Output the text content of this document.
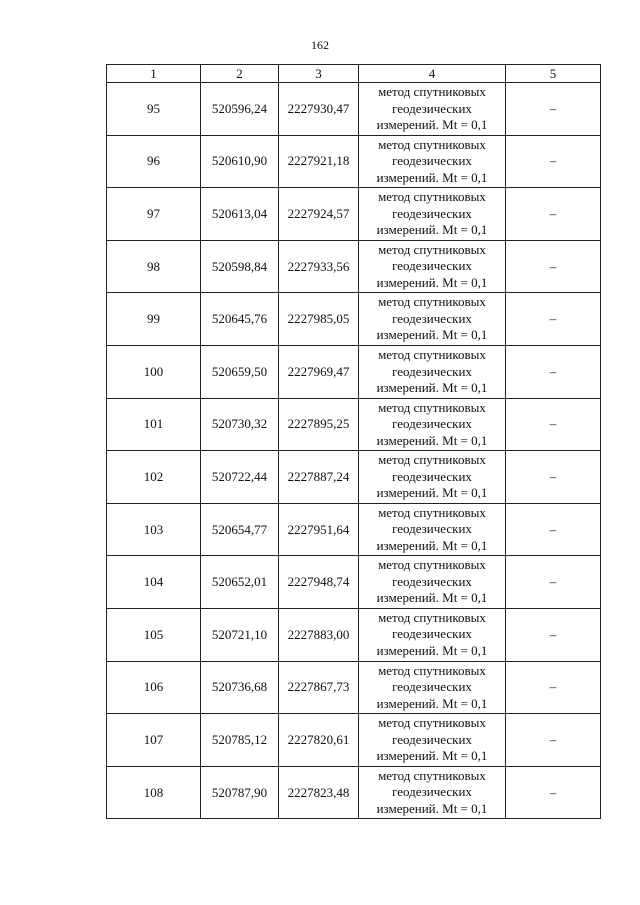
162
1	2	3	4	5
95	520596,24	2227930,47	метод спутниковых
геодезических
измерений. Mt = 0,1	–
96	520610,90	2227921,18	метод спутниковых
геодезических
измерений. Mt = 0,1	–
97	520613,04	2227924,57	метод спутниковых
геодезических
измерений. Mt = 0,1	–
98	520598,84	2227933,56	метод спутниковых
геодезических
измерений. Mt = 0,1	–
99	520645,76	2227985,05	метод спутниковых
геодезических
измерений. Mt = 0,1	–
100	520659,50	2227969,47	метод спутниковых
геодезических
измерений. Mt = 0,1	–
101	520730,32	2227895,25	метод спутниковых
геодезических
измерений. Mt = 0,1	–
102	520722,44	2227887,24	метод спутниковых
геодезических
измерений. Mt = 0,1	–
103	520654,77	2227951,64	метод спутниковых
геодезических
измерений. Mt = 0,1	–
104	520652,01	2227948,74	метод спутниковых
геодезических
измерений. Mt = 0,1	–
105	520721,10	2227883,00	метод спутниковых
геодезических
измерений. Mt = 0,1	–
106	520736,68	2227867,73	метод спутниковых
геодезических
измерений. Mt = 0,1	–
107	520785,12	2227820,61	метод спутниковых
геодезических
измерений. Mt = 0,1	–
108	520787,90	2227823,48	метод спутниковых
геодезических
измерений. Mt = 0,1	–
